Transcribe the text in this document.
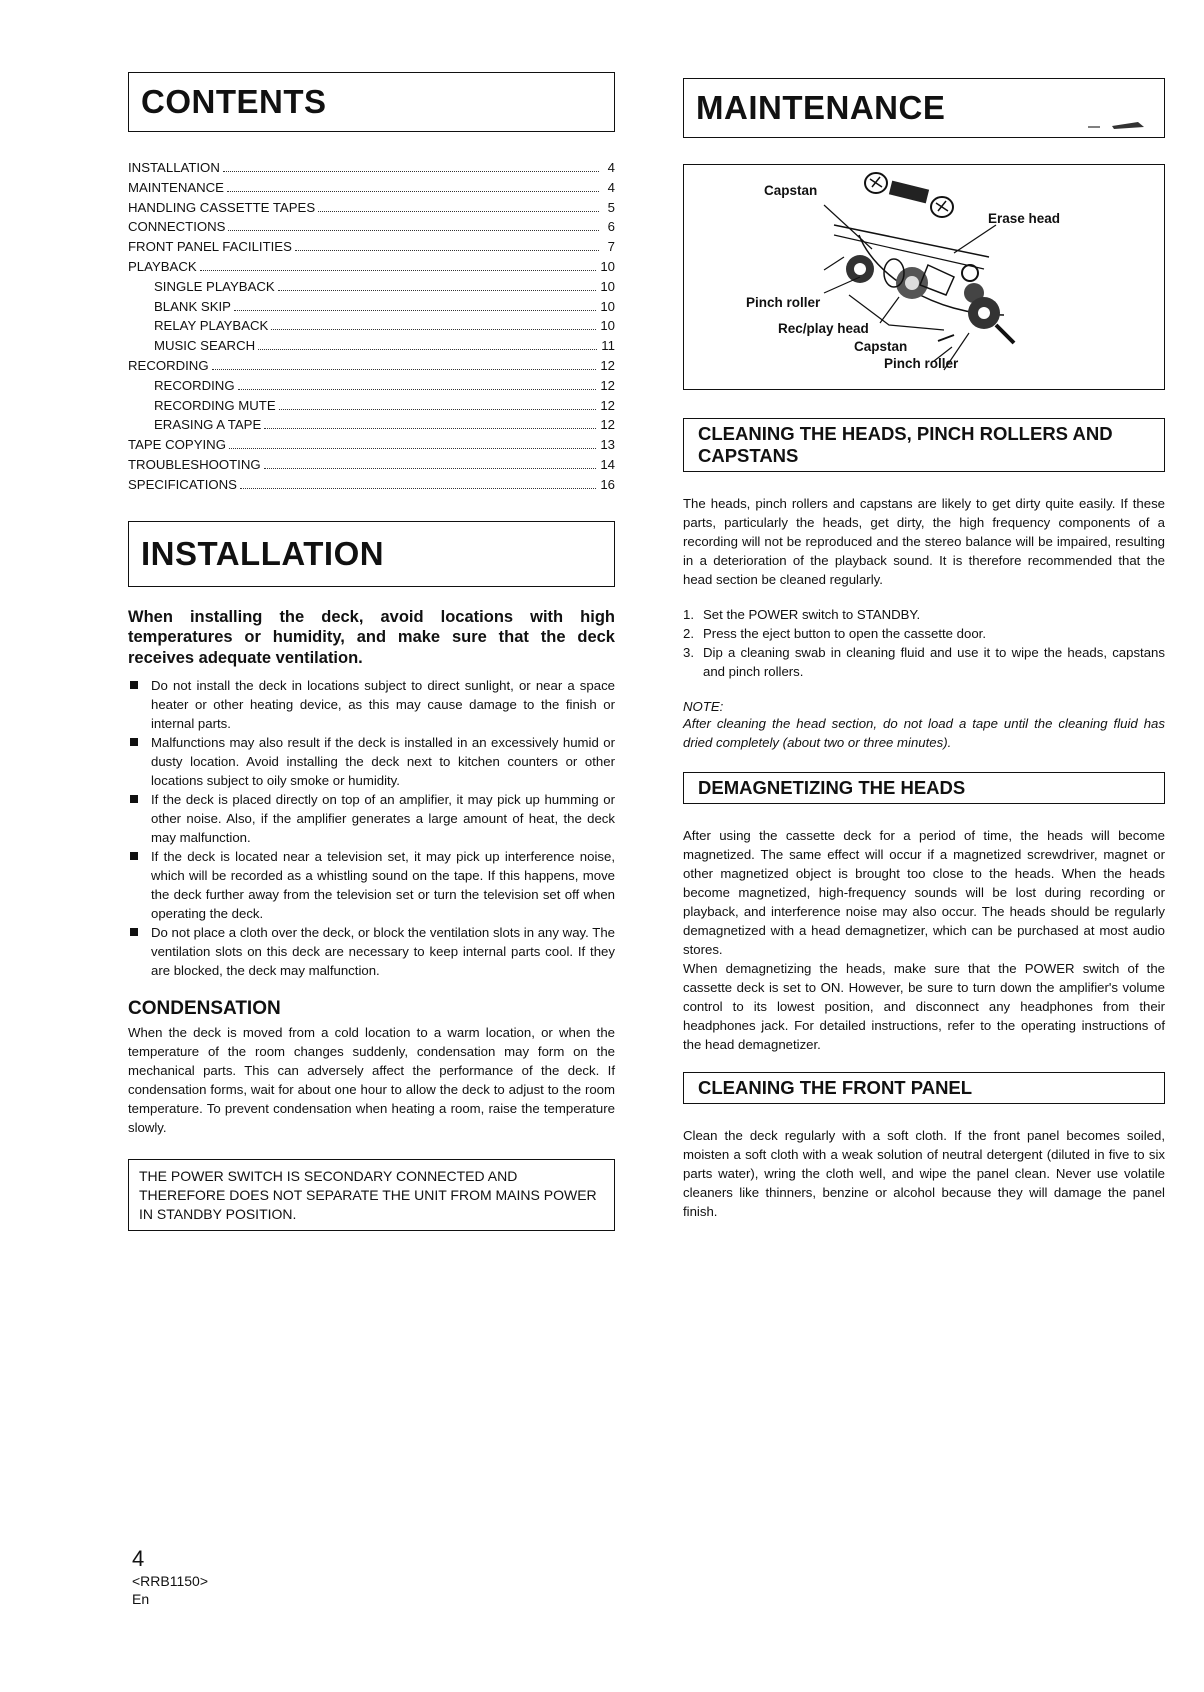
CONTENTS
INSTALLATION	4
MAINTENANCE	4
HANDLING CASSETTE TAPES	5
CONNECTIONS	6
FRONT PANEL FACILITIES	7
PLAYBACK	10
SINGLE PLAYBACK	10
BLANK SKIP	10
RELAY PLAYBACK	10
MUSIC SEARCH	11
RECORDING	12
RECORDING	12
RECORDING MUTE	12
ERASING A TAPE	12
TAPE COPYING	13
TROUBLESHOOTING	14
SPECIFICATIONS	16
INSTALLATION

When installing the deck, avoid locations with high temperatures or humidity, and make sure that the deck receives adequate ventilation.

Do not install the deck in locations subject to direct sunlight, or near a space heater or other heating device, as this may cause damage to the finish or internal parts.
Malfunctions may also result if the deck is installed in an excessively humid or dusty location. Avoid installing the deck next to kitchen counters or other locations subject to oily smoke or humidity.
If the deck is placed directly on top of an amplifier, it may pick up humming or other noise. Also, if the amplifier generates a large amount of heat, the deck may malfunction.
If the deck is located near a television set, it may pick up interference noise, which will be recorded as a whistling sound on the tape. If this happens, move the deck further away from the television set or turn the television set off when operating the deck.
Do not place a cloth over the deck, or block the ventilation slots in any way. The ventilation slots on this deck are necessary to keep internal parts cool. If they are blocked, the deck may malfunction.
CONDENSATION

When the deck is moved from a cold location to a warm location, or when the temperature of the room changes suddenly, condensation may form on the mechanical parts. This can adversely affect the performance of the deck. If condensation forms, wait for about one hour to allow the deck to adjust to the room temperature. To prevent condensation when heating a room, raise the temperature slowly.

THE POWER SWITCH IS SECONDARY CONNECTED AND THEREFORE DOES NOT SEPARATE THE UNIT FROM MAINS POWER IN STANDBY POSITION.
MAINTENANCE
Capstan
Erase head
Pinch roller
Rec/play head
Capstan
Pinch roller
CLEANING THE HEADS, PINCH ROLLERS AND CAPSTANS

The heads, pinch rollers and capstans are likely to get dirty quite easily. If these parts, particularly the heads, get dirty, the high frequency components of a recording will not be reproduced and the stereo balance will be impaired, resulting in a deterioration of the playback sound. It is therefore recommended that the head section be cleaned regularly.

1. Set the POWER switch to STANDBY.
2. Press the eject button to open the cassette door.
3. Dip a cleaning swab in cleaning fluid and use it to wipe the heads, capstans and pinch rollers.

NOTE:

After cleaning the head section, do not load a tape until the cleaning fluid has dried completely (about two or three minutes).

DEMAGNETIZING THE HEADS

After using the cassette deck for a period of time, the heads will become magnetized. The same effect will occur if a magnetized screwdriver, magnet or other magnetized object is brought too close to the heads. When the heads become magnetized, high-frequency sounds will be lost during recording or playback, and interference noise may also occur. The heads should be regularly demagnetized with a head demagnetizer, which can be purchased at most audio stores.

When demagnetizing the heads, make sure that the POWER switch of the cassette deck is set to ON. However, be sure to turn down the amplifier's volume control to its lowest position, and disconnect any headphones from their headphones jack. For detailed instructions, refer to the operating instructions of the head demagnetizer.

CLEANING THE FRONT PANEL

Clean the deck regularly with a soft cloth. If the front panel becomes soiled, moisten a soft cloth with a weak solution of neutral detergent (diluted in five to six parts water), wring the cloth well, and wipe the panel clean. Never use volatile cleaners like thinners, benzine or alcohol because they will damage the panel finish.

4
<RRB1150>
En
